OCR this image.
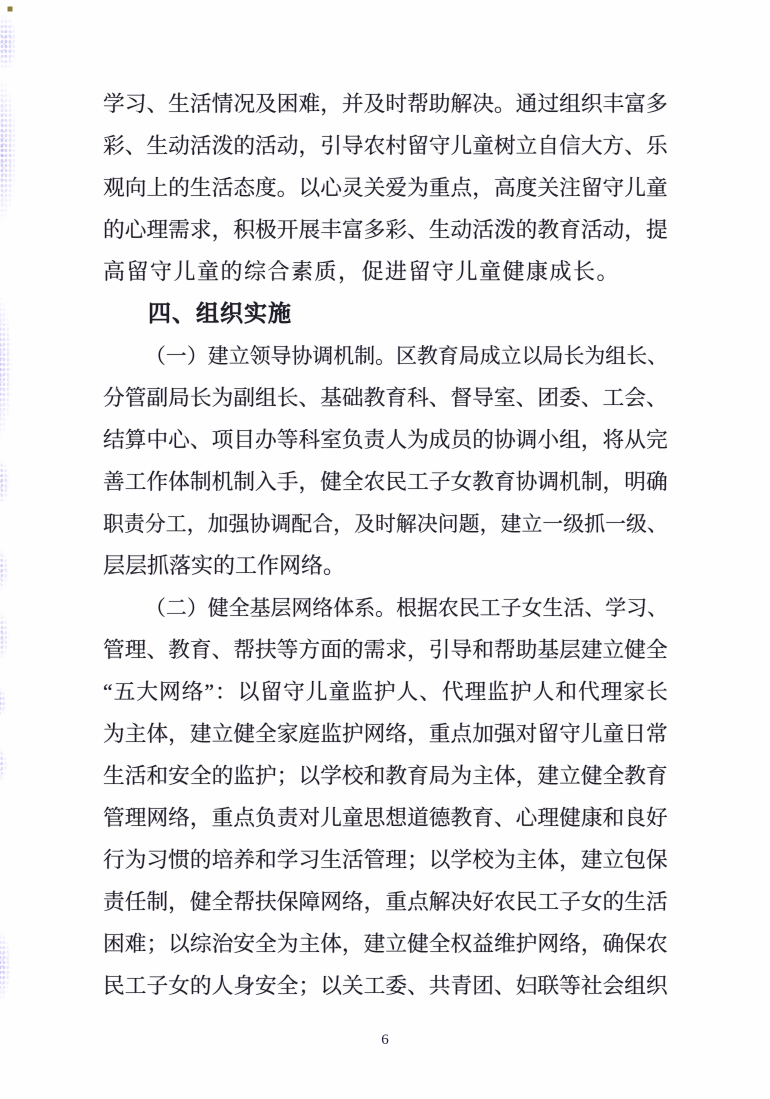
学 习 、 生 活 情 况 及 困 难 ， 并 及 时 帮 助 解 决 。 通 过 组 织 丰 富 多
彩 、 生 动 活 泼 的 活 动 ， 引 导 农 村 留 守 儿 童 树 立 自 信 大 方 、 乐
观 向 上 的 生 活 态 度 。 以 心 灵 关 爱 为 重 点 ， 高 度 关 注 留 守 儿 童
的 心 理 需 求 ， 积 极 开 展 丰 富 多 彩 、 生 动 活 泼 的 教 育 活 动 ， 提
高留守儿童的综合素质，促进留守儿童健康成长。
四、组织实施
（ 一 ） 建 立 领 导 协 调 机 制 。 区 教 育 局 成 立 以 局 长 为 组 长 、
分 管 副 局 长 为 副 组 长 、 基 础 教 育 科 、 督 导 室 、 团 委 、 工 会 、
结 算 中 心 、 项 目 办 等 科 室 负 责 人 为 成 员 的 协 调 小 组 ， 将 从 完
善 工 作 体 制 机 制 入 手 ， 健 全 农 民 工 子 女 教 育 协 调 机 制 ， 明 确
职 责 分 工 ， 加 强 协 调 配 合 ， 及 时 解 决 问 题 ， 建 立 一 级 抓 一 级 、
层层抓落实的工作网络。
（ 二 ） 健 全 基 层 网 络 体 系 。 根 据 农 民 工 子 女 生 活 、 学 习 、
管 理 、 教 育 、 帮 扶 等 方 面 的 需 求 ， 引 导 和 帮 助 基 层 建 立 健 全
“ 五 大 网 络 ” ： 以 留 守 儿 童 监 护 人 、 代 理 监 护 人 和 代 理 家 长
为 主 体 ， 建 立 健 全 家 庭 监 护 网 络 ， 重 点 加 强 对 留 守 儿 童 日 常
生 活 和 安 全 的 监 护 ； 以 学 校 和 教 育 局 为 主 体 ， 建 立 健 全 教 育
管 理 网 络 ， 重 点 负 责 对 儿 童 思 想 道 德 教 育 、 心 理 健 康 和 良 好
行 为 习 惯 的 培 养 和 学 习 生 活 管 理 ； 以 学 校 为 主 体 ， 建 立 包 保
责 任 制 ， 健 全 帮 扶 保 障 网 络 ， 重 点 解 决 好 农 民 工 子 女 的 生 活
困 难 ； 以 综 治 安 全 为 主 体 ， 建 立 健 全 权 益 维 护 网 络 ， 确 保 农
民 工 子 女 的 人 身 安 全 ； 以 关 工 委 、 共 青 团 、 妇 联 等 社 会 组 织
6
